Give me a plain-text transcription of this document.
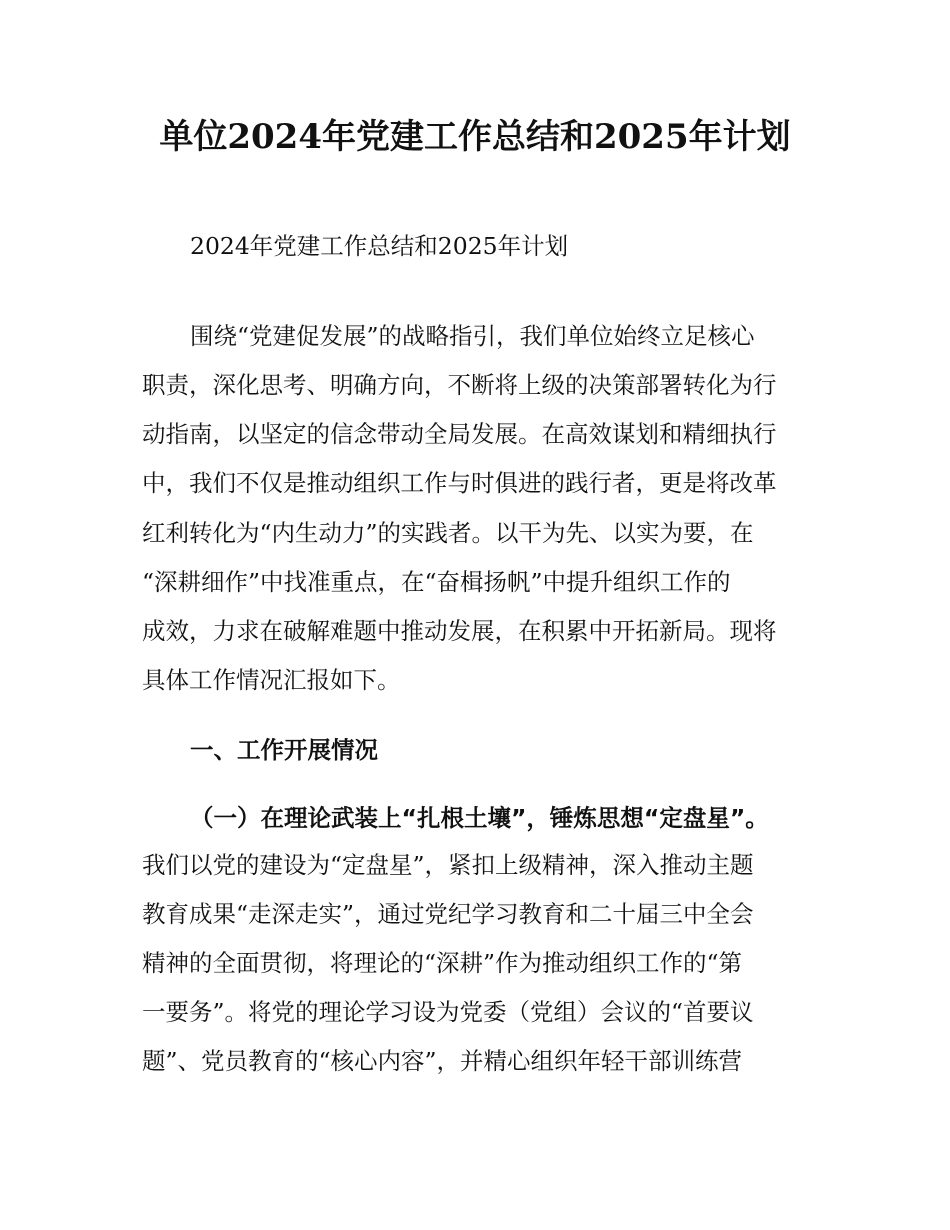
单位2024年党建工作总结和2025年计划
2024年党建工作总结和2025年计划
围绕“党建促发展”的战略指引，我们单位始终立足核心
职责，深化思考、明确方向，不断将上级的决策部署转化为行
动指南，以坚定的信念带动全局发展。在高效谋划和精细执行
中，我们不仅是推动组织工作与时俱进的践行者，更是将改革
红利转化为“内生动力”的实践者。以干为先、以实为要，在
“深耕细作”中找准重点，在“奋楫扬帆”中提升组织工作的
成效，力求在破解难题中推动发展，在积累中开拓新局。现将
具体工作情况汇报如下。
一、工作开展情况
（一）在理论武装上“扎根土壤”，锤炼思想“定盘星”。
我们以党的建设为“定盘星”，紧扣上级精神，深入推动主题
教育成果“走深走实”，通过党纪学习教育和二十届三中全会
精神的全面贯彻，将理论的“深耕”作为推动组织工作的“第
一要务”。将党的理论学习设为党委（党组）会议的“首要议
题”、党员教育的“核心内容”，并精心组织年轻干部训练营
